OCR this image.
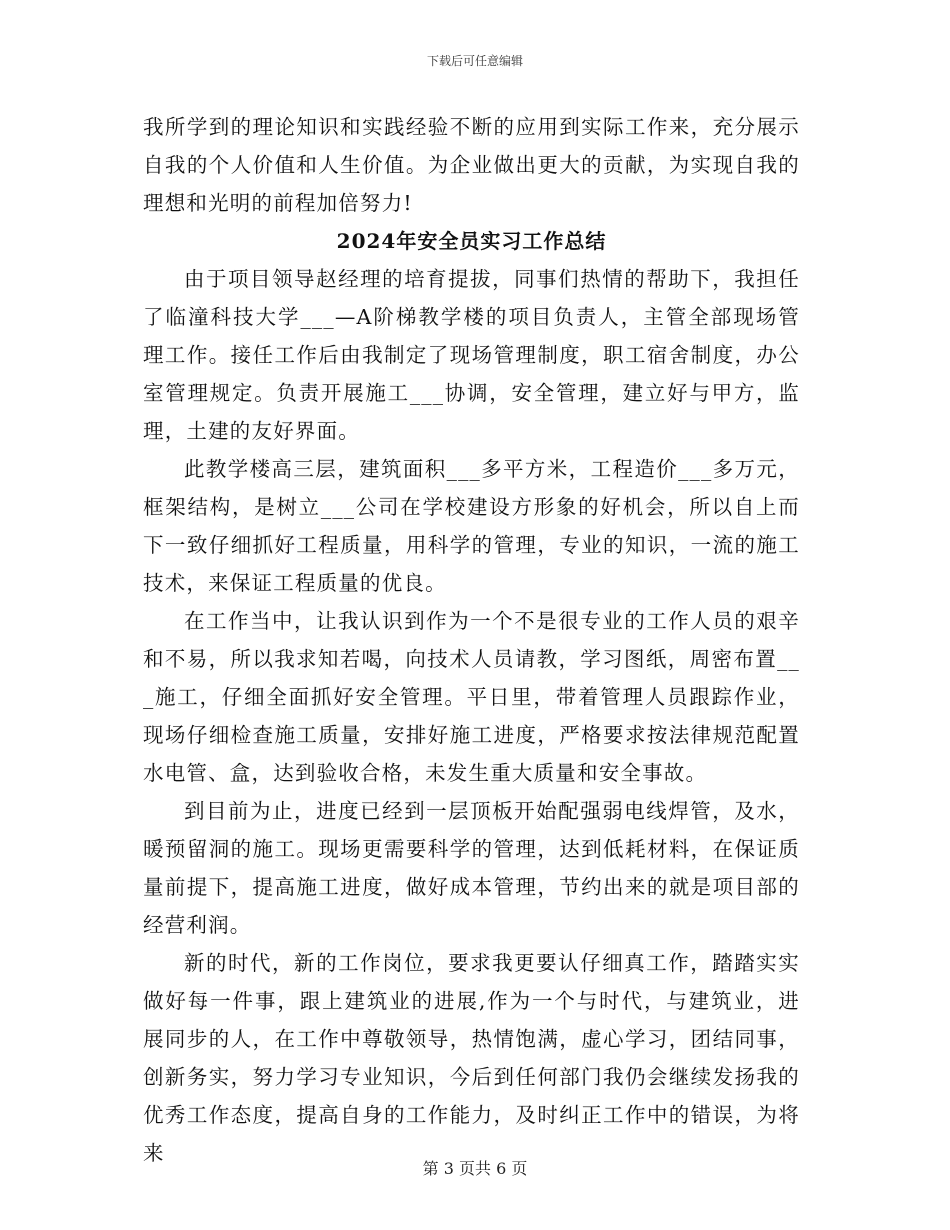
下载后可任意编辑

我所学到的理论知识和实践经验不断的应用到实际工作来，充分展示自我的个人价值和人生价值。为企业做出更大的贡献，为实现自我的理想和光明的前程加倍努力!

2024年安全员实习工作总结

由于项目领导赵经理的培育提拔，同事们热情的帮助下，我担任了临潼科技大学___—A阶梯教学楼的项目负责人，主管全部现场管理工作。接任工作后由我制定了现场管理制度，职工宿舍制度，办公室管理规定。负责开展施工___协调，安全管理，建立好与甲方，监理，土建的友好界面。

此教学楼高三层，建筑面积___多平方米，工程造价___多万元，框架结构，是树立___公司在学校建设方形象的好机会，所以自上而下一致仔细抓好工程质量，用科学的管理，专业的知识，一流的施工技术，来保证工程质量的优良。

在工作当中，让我认识到作为一个不是很专业的工作人员的艰辛和不易，所以我求知若喝，向技术人员请教，学习图纸，周密布置___施工，仔细全面抓好安全管理。平日里，带着管理人员跟踪作业，现场仔细检查施工质量，安排好施工进度，严格要求按法律规范配置水电管、盒，达到验收合格，未发生重大质量和安全事故。

到目前为止，进度已经到一层顶板开始配强弱电线焊管，及水，暖预留洞的施工。现场更需要科学的管理，达到低耗材料，在保证质量前提下，提高施工进度，做好成本管理，节约出来的就是项目部的经营利润。

新的时代，新的工作岗位，要求我更要认仔细真工作，踏踏实实做好每一件事，跟上建筑业的进展,作为一个与时代，与建筑业，进展同步的人，在工作中尊敬领导，热情饱满，虚心学习，团结同事，创新务实，努力学习专业知识，今后到任何部门我仍会继续发扬我的优秀工作态度，提高自身的工作能力，及时纠正工作中的错误，为将来

第 3 页共 6 页
